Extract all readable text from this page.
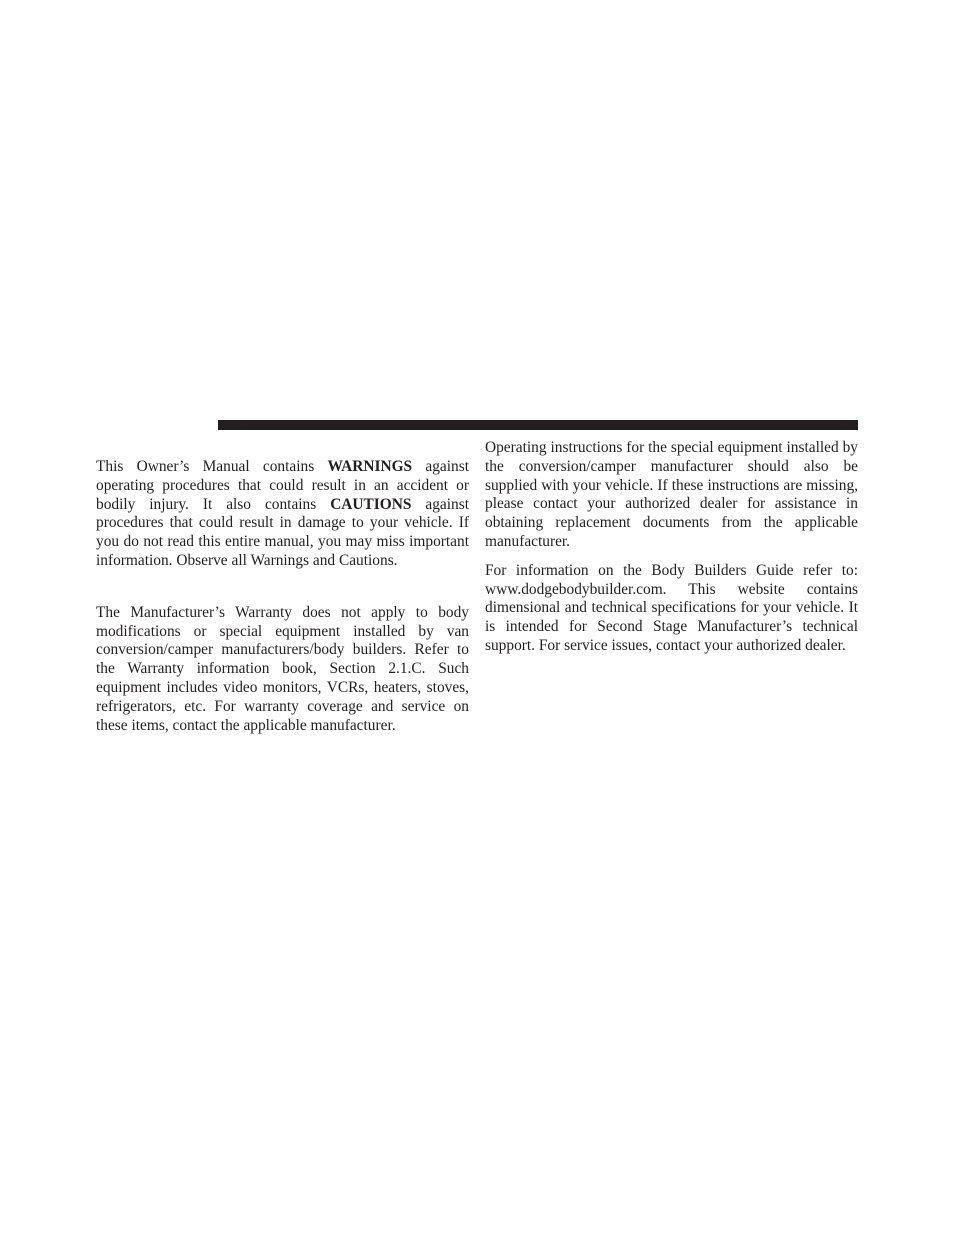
This Owner’s Manual contains WARNINGS against operating procedures that could result in an accident or bodily injury. It also contains CAUTIONS against procedures that could result in damage to your vehicle. If you do not read this entire manual, you may miss important information. Observe all Warnings and Cautions.

The Manufacturer’s Warranty does not apply to body modifications or special equipment installed by van conversion/camper manufacturers/body builders. Refer to the Warranty information book, Section 2.1.C. Such equipment includes video monitors, VCRs, heaters, stoves, refrigerators, etc. For warranty coverage and service on these items, contact the applicable manufacturer.

Operating instructions for the special equipment installed by the conversion/camper manufacturer should also be supplied with your vehicle. If these instructions are missing, please contact your authorized dealer for assistance in obtaining replacement documents from the applicable manufacturer.

For information on the Body Builders Guide refer to: www.dodgebodybuilder.com. This website contains dimensional and technical specifications for your vehicle. It is intended for Second Stage Manufacturer’s technical support. For service issues, contact your authorized dealer.
